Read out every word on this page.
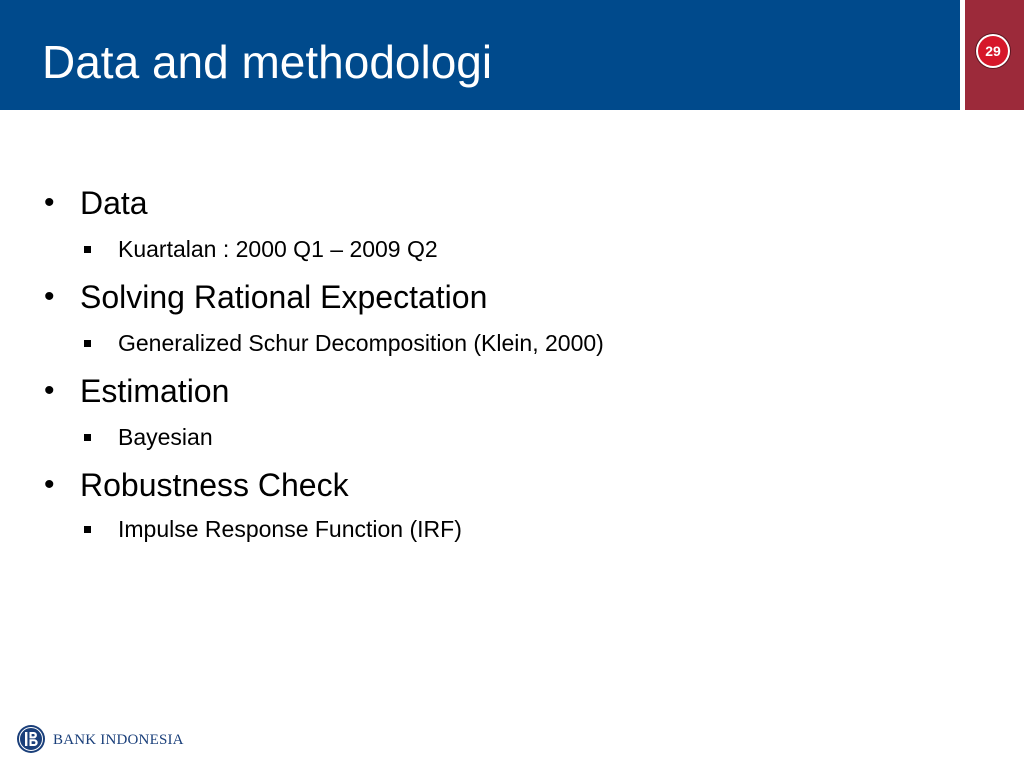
Data and methodologi	29
• Data
Kuartalan : 2000 Q1 – 2009 Q2
• Solving Rational Expectation
Generalized Schur Decomposition (Klein, 2000)
• Estimation
Bayesian
• Robustness Check
Impulse Response Function (IRF)
BANK INDONESIA
